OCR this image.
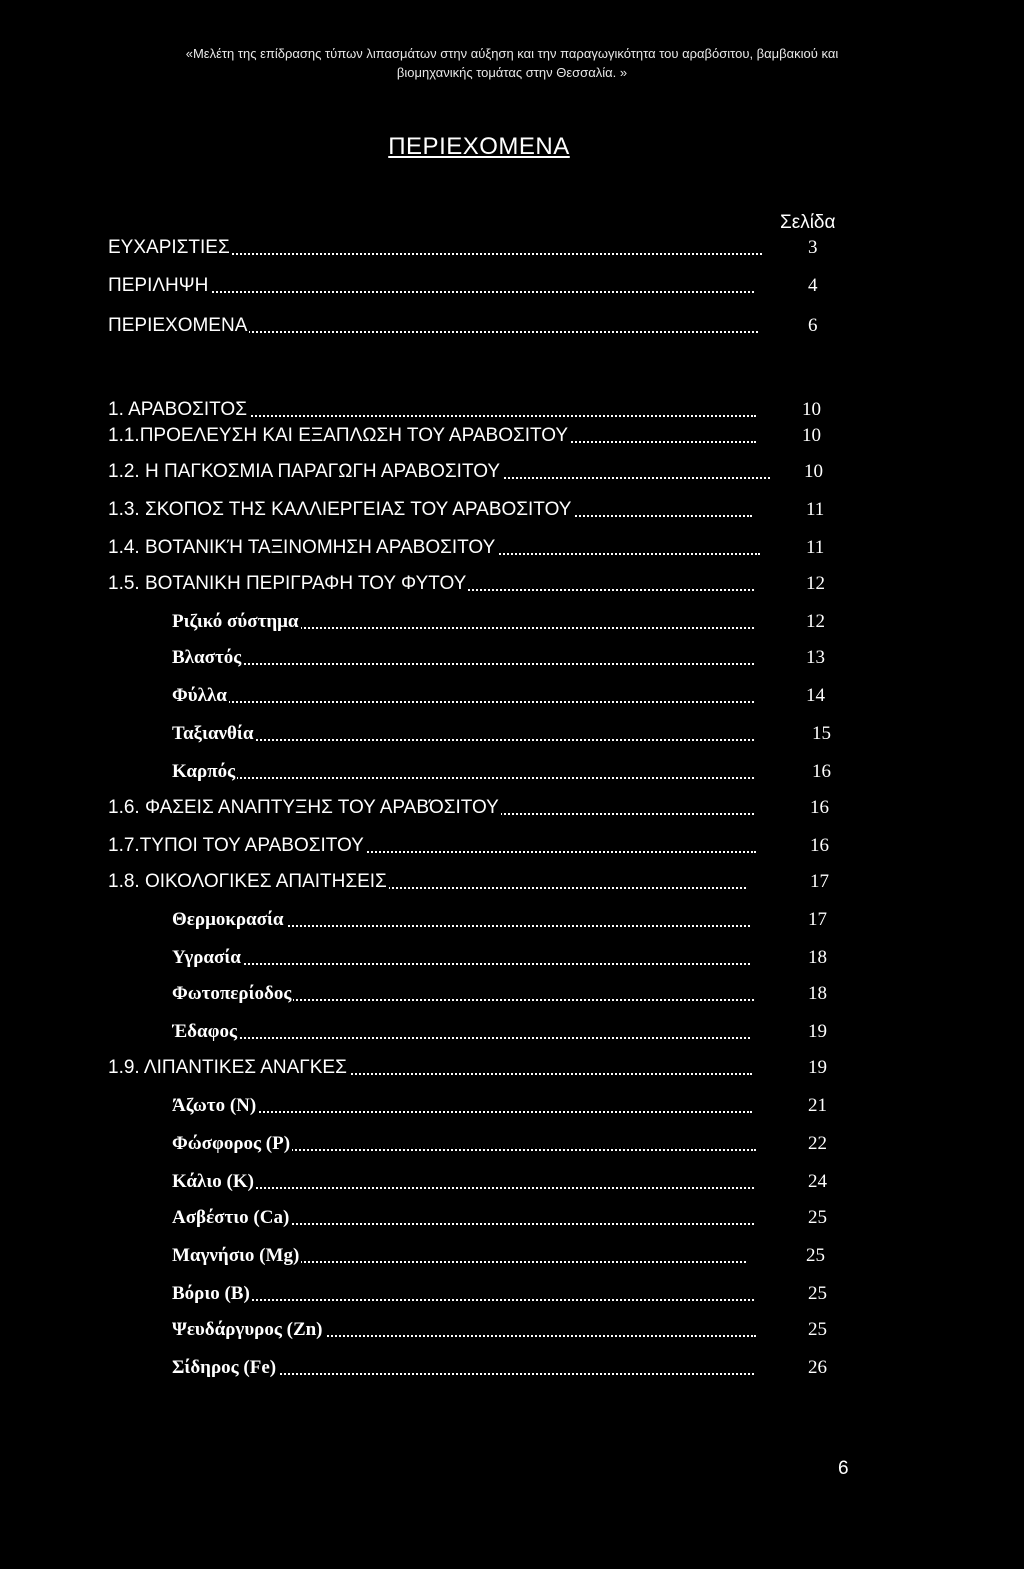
«Μελέτη της επίδρασης τύπων λιπασμάτων στην αύξηση και την παραγωγικότητα του αραβόσιτου, βαμβακιού και
βιομηχανικής τομάτας στην Θεσσαλία. »
ΠΕΡΙΕΧΟΜΕΝΑ
Σελίδα
ΕΥΧΑΡΙΣΤΙΕΣ	3
ΠΕΡΙΛΗΨΗ	4
ΠΕΡΙΕΧΟΜΕΝΑ	6
1. ΑΡΑΒΟΣΙΤΟΣ	10
1.1.ΠΡΟΕΛΕΥΣΗ ΚΑΙ ΕΞΑΠΛΩΣΗ ΤΟΥ ΑΡΑΒΟΣΙΤΟΥ	10
1.2. Η ΠΑΓΚΟΣΜΙΑ ΠΑΡΑΓΩΓΗ ΑΡΑΒΟΣΙΤΟΥ	10
1.3. ΣΚΟΠΟΣ ΤΗΣ ΚΑΛΛΙΕΡΓΕΙΑΣ ΤΟΥ ΑΡΑΒΟΣΙΤΟΥ	11
1.4. ΒΟΤΑΝΙΚΉ ΤΑΞΙΝΟΜΗΣΗ ΑΡΑΒΟΣΙΤΟΥ	11
1.5. ΒΟΤΑΝΙΚΗ ΠΕΡΙΓΡΑΦΗ ΤΟΥ ΦΥΤΟΥ	12
Ριζικό σύστημα	12
Βλαστός	13
Φύλλα	14
Ταξιανθία	15
Καρπός	16
1.6. ΦΑΣΕΙΣ ΑΝΑΠΤΥΞΗΣ ΤΟΥ ΑΡΑΒΌΣΙΤΟΥ	16
1.7.ΤΥΠΟΙ ΤΟΥ ΑΡΑΒΟΣΙΤΟΥ	16
1.8. ΟΙΚΟΛΟΓΙΚΕΣ ΑΠΑΙΤΗΣΕΙΣ	17
Θερμοκρασία	17
Υγρασία	18
Φωτοπερίοδος	18
Έδαφος	19
1.9. ΛΙΠΑΝΤΙΚΕΣ ΑΝΑΓΚΕΣ	19
Άζωτο (Ν)	21
Φώσφορος (Ρ)	22
Κάλιο (Κ)	24
Ασβέστιο (Ca)	25
Μαγνήσιο (Mg)	25
Βόριο (Β)	25
Ψευδάργυρος (Zn)	25
Σίδηρος (Fe)	26
6
